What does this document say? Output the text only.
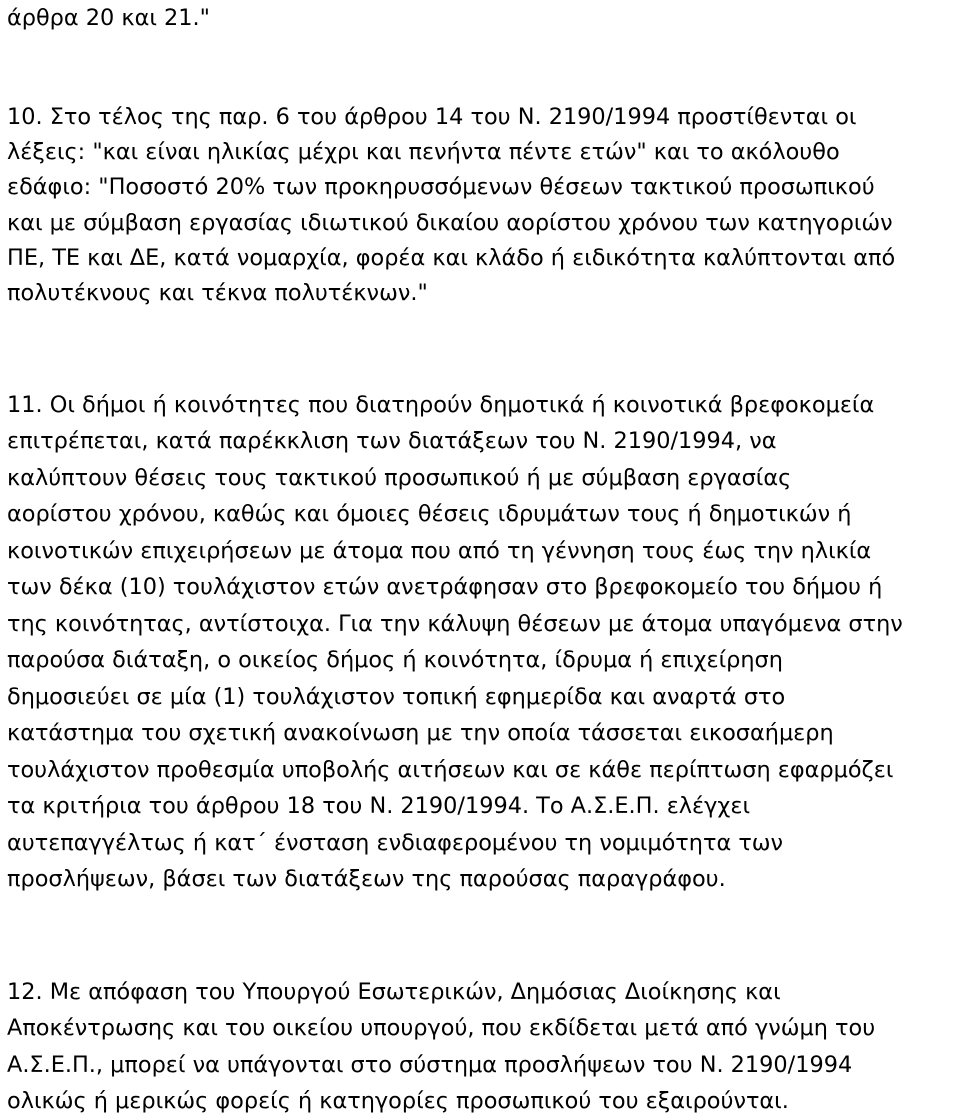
άρθρα 20 και 21."
10. Στο τέλος της παρ. 6 του άρθρου 14 του Ν. 2190/1994 προστίθενται οι
λέξεις: "και είναι ηλικίας μέχρι και πενήντα πέντε ετών" και το ακόλουθο
εδάφιο: "Ποσοστό 20% των προκηρυσσόμενων θέσεων τακτικού προσωπικού
και με σύμβαση εργασίας ιδιωτικού δικαίου αορίστου χρόνου των κατηγοριών
ΠΕ, ΤΕ και ΔΕ, κατά νομαρχία, φορέα και κλάδο ή ειδικότητα καλύπτονται από
πολυτέκνους και τέκνα πολυτέκνων."
11. Οι δήμοι ή κοινότητες που διατηρούν δημοτικά ή κοινοτικά βρεφοκομεία
επιτρέπεται, κατά παρέκκλιση των διατάξεων του Ν. 2190/1994, να
καλύπτουν θέσεις τους τακτικού προσωπικού ή με σύμβαση εργασίας
αορίστου χρόνου, καθώς και όμοιες θέσεις ιδρυμάτων τους ή δημοτικών ή
κοινοτικών επιχειρήσεων με άτομα που από τη γέννηση τους έως την ηλικία
των δέκα (10) τουλάχιστον ετών ανετράφησαν στο βρεφοκομείο του δήμου ή
της κοινότητας, αντίστοιχα. Για την κάλυψη θέσεων με άτομα υπαγόμενα στην
παρούσα διάταξη, ο οικείος δήμος ή κοινότητα, ίδρυμα ή επιχείρηση
δημοσιεύει σε μία (1) τουλάχιστον τοπική εφημερίδα και αναρτά στο
κατάστημα του σχετική ανακοίνωση με την οποία τάσσεται εικοσαήμερη
τουλάχιστον προθεσμία υποβολής αιτήσεων και σε κάθε περίπτωση εφαρμόζει
τα κριτήρια του άρθρου 18 του Ν. 2190/1994. Το Α.Σ.Ε.Π. ελέγχει
αυτεπαγγέλτως ή κατ΄ ένσταση ενδιαφερομένου τη νομιμότητα των
προσλήψεων, βάσει των διατάξεων της παρούσας παραγράφου.
12. Με απόφαση του Υπουργού Εσωτερικών, Δημόσιας Διοίκησης και
Αποκέντρωσης και του οικείου υπουργού, που εκδίδεται μετά από γνώμη του
Α.Σ.Ε.Π., μπορεί να υπάγονται στο σύστημα προσλήψεων του Ν. 2190/1994
ολικώς ή μερικώς φορείς ή κατηγορίες προσωπικού του εξαιρούνται.
